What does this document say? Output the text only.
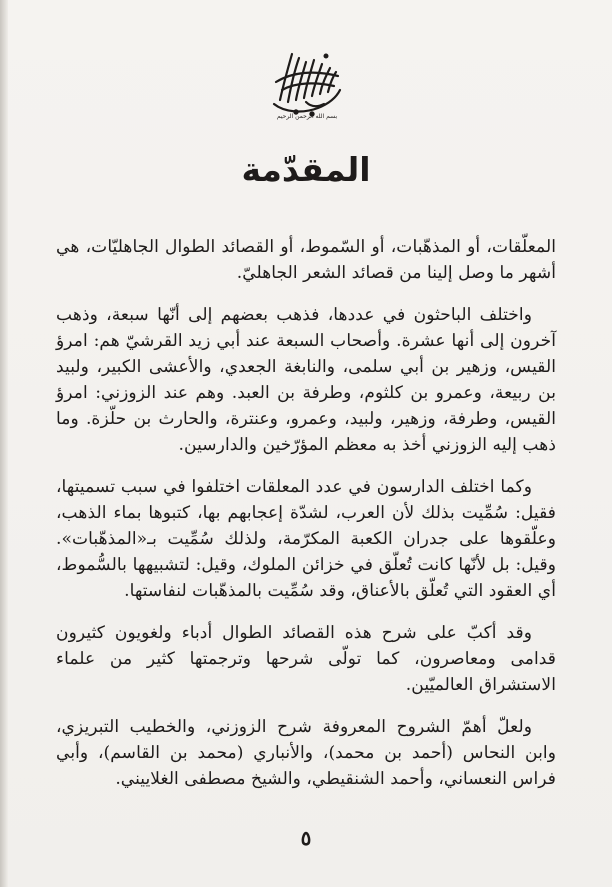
بسم الله الرحمن الرحيم
المقدّمة

المعلّقات، أو المذهّبات، أو السّموط، أو القصائد الطوال الجاهليّات، هي أشهر ما وصل إلينا من قصائد الشعر الجاهليّ.

واختلف الباحثون في عددها، فذهب بعضهم إلى أنّها سبعة، وذهب آخرون إلى أنها عشرة. وأصحاب السبعة عند أبي زيد القرشيّ هم: امرؤ القيس، وزهير بن أبي سلمى، والنابغة الجعدي، والأعشى الكبير، ولبيد بن ربيعة، وعمرو بن كلثوم، وطرفة بن العبد. وهم عند الزوزني: امرؤ القيس، وطرفة، وزهير، ولبيد، وعمرو، وعنترة، والحارث بن حلّزة. وما ذهب إليه الزوزني أخذ به معظم المؤرّخين والدارسين.

وكما اختلف الدارسون في عدد المعلقات اختلفوا في سبب تسميتها، فقيل: سُمِّيت بذلك لأن العرب، لشدّة إعجابهم بها، كتبوها بماء الذهب، وعلّقوها على جدران الكعبة المكرّمة، ولذلك سُمِّيت بـ«المذهّبات». وقيل: بل لأنّها كانت تُعلّق في خزائن الملوك، وقيل: لتشبيهها بالسُّموط، أي العقود التي تُعلّق بالأعناق، وقد سُمِّيت بالمذهّبات لنفاستها.

وقد أكبّ على شرح هذه القصائد الطوال أدباء ولغويون كثيرون قدامى ومعاصرون، كما تولّى شرحها وترجمتها كثير من علماء الاستشراق العالميّين.

ولعلّ أهمّ الشروح المعروفة شرح الزوزني، والخطيب التبريزي، وابن النحاس (أحمد بن محمد)، والأنباري (محمد بن القاسم)، وأبي فراس النعساني، وأحمد الشنقيطي، والشيخ مصطفى الغلاييني.

٥
